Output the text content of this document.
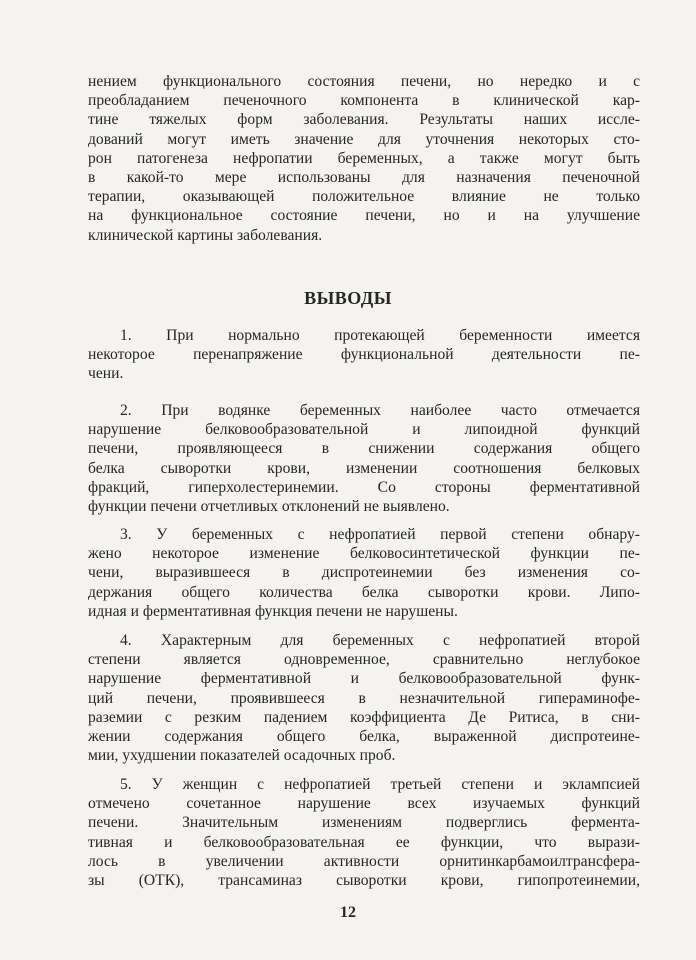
нением функционального состояния печени, но нередко и с
преобладанием печеночного компонента в клинической кар-
тине тяжелых форм заболевания. Результаты наших иссле-
дований могут иметь значение для уточнения некоторых сто-
рон патогенеза нефропатии беременных, а также могут быть
в какой-то мере использованы для назначения печеночной
терапии, оказывающей положительное влияние не только
на функциональное состояние печени, но и на улучшение
клинической картины заболевания.
ВЫВОДЫ
1. При нормально протекающей беременности имеется
некоторое перенапряжение функциональной деятельности пе-
чени.
2. При водянке беременных наиболее часто отмечается
нарушение белковообразовательной и липоидной функций
печени, проявляющееся в снижении содержания общего
белка сыворотки крови, изменении соотношения белковых
фракций, гиперхолестеринемии. Со стороны ферментативной
функции печени отчетливых отклонений не выявлено.
3. У беременных с нефропатией первой степени обнару-
жено некоторое изменение белковосинтетической функции пе-
чени, выразившееся в диспротеинемии без изменения со-
держания общего количества белка сыворотки крови. Липо-
идная и ферментативная функция печени не нарушены.
4. Характерным для беременных с нефропатией второй
степени является одновременное, сравнительно неглубокое
нарушение ферментативной и белковообразовательной функ-
ций печени, проявившееся в незначительной гипераминофе-
раземии с резким падением коэффициента Де Ритиса, в сни-
жении содержания общего белка, выраженной диспротеине-
мии, ухудшении показателей осадочных проб.
5. У женщин с нефропатией третьей степени и эклампсией
отмечено сочетанное нарушение всех изучаемых функций
печени. Значительным изменениям подверглись фермента-
тивная и белковообразовательная ее функции, что вырази-
лось в увеличении активности орнитинкарбамоилтрансфера-
зы (ОТК), трансаминаз сыворотки крови, гипопротеинемии,
12
